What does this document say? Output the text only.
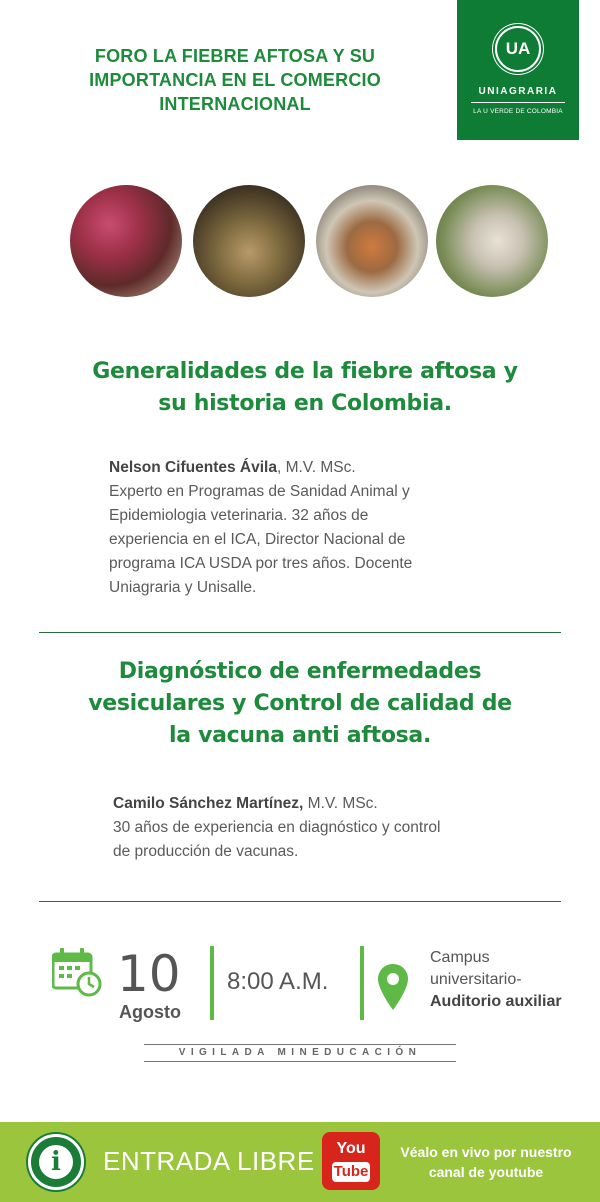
FORO LA FIEBRE AFTOSA Y SU
IMPORTANCIA EN EL COMERCIO
INTERNACIONAL
UA
UNIAGRARIA
LA U VERDE DE COLOMBIA
Generalidades de la fiebre aftosa y
su historia en Colombia.
Nelson Cifuentes Ávila, M.V. MSc.
Experto en Programas de Sanidad Animal y
Epidemiologia veterinaria. 32 años de
experiencia en el ICA, Director Nacional de
programa ICA USDA por tres años. Docente
Uniagraria y Unisalle.
Diagnóstico de enfermedades
vesiculares y Control de calidad de
la vacuna anti aftosa.
Camilo Sánchez Martínez, M.V. MSc.
30 años de experiencia en diagnóstico y control
de producción de vacunas.
10
Agosto
8:00 A.M.
Campus
universitario-
Auditorio auxiliar
VIGILADA MINEDUCACIÓN
i	ENTRADA LIBRE	You
Tube
Véalo en vivo por nuestro
canal de youtube
